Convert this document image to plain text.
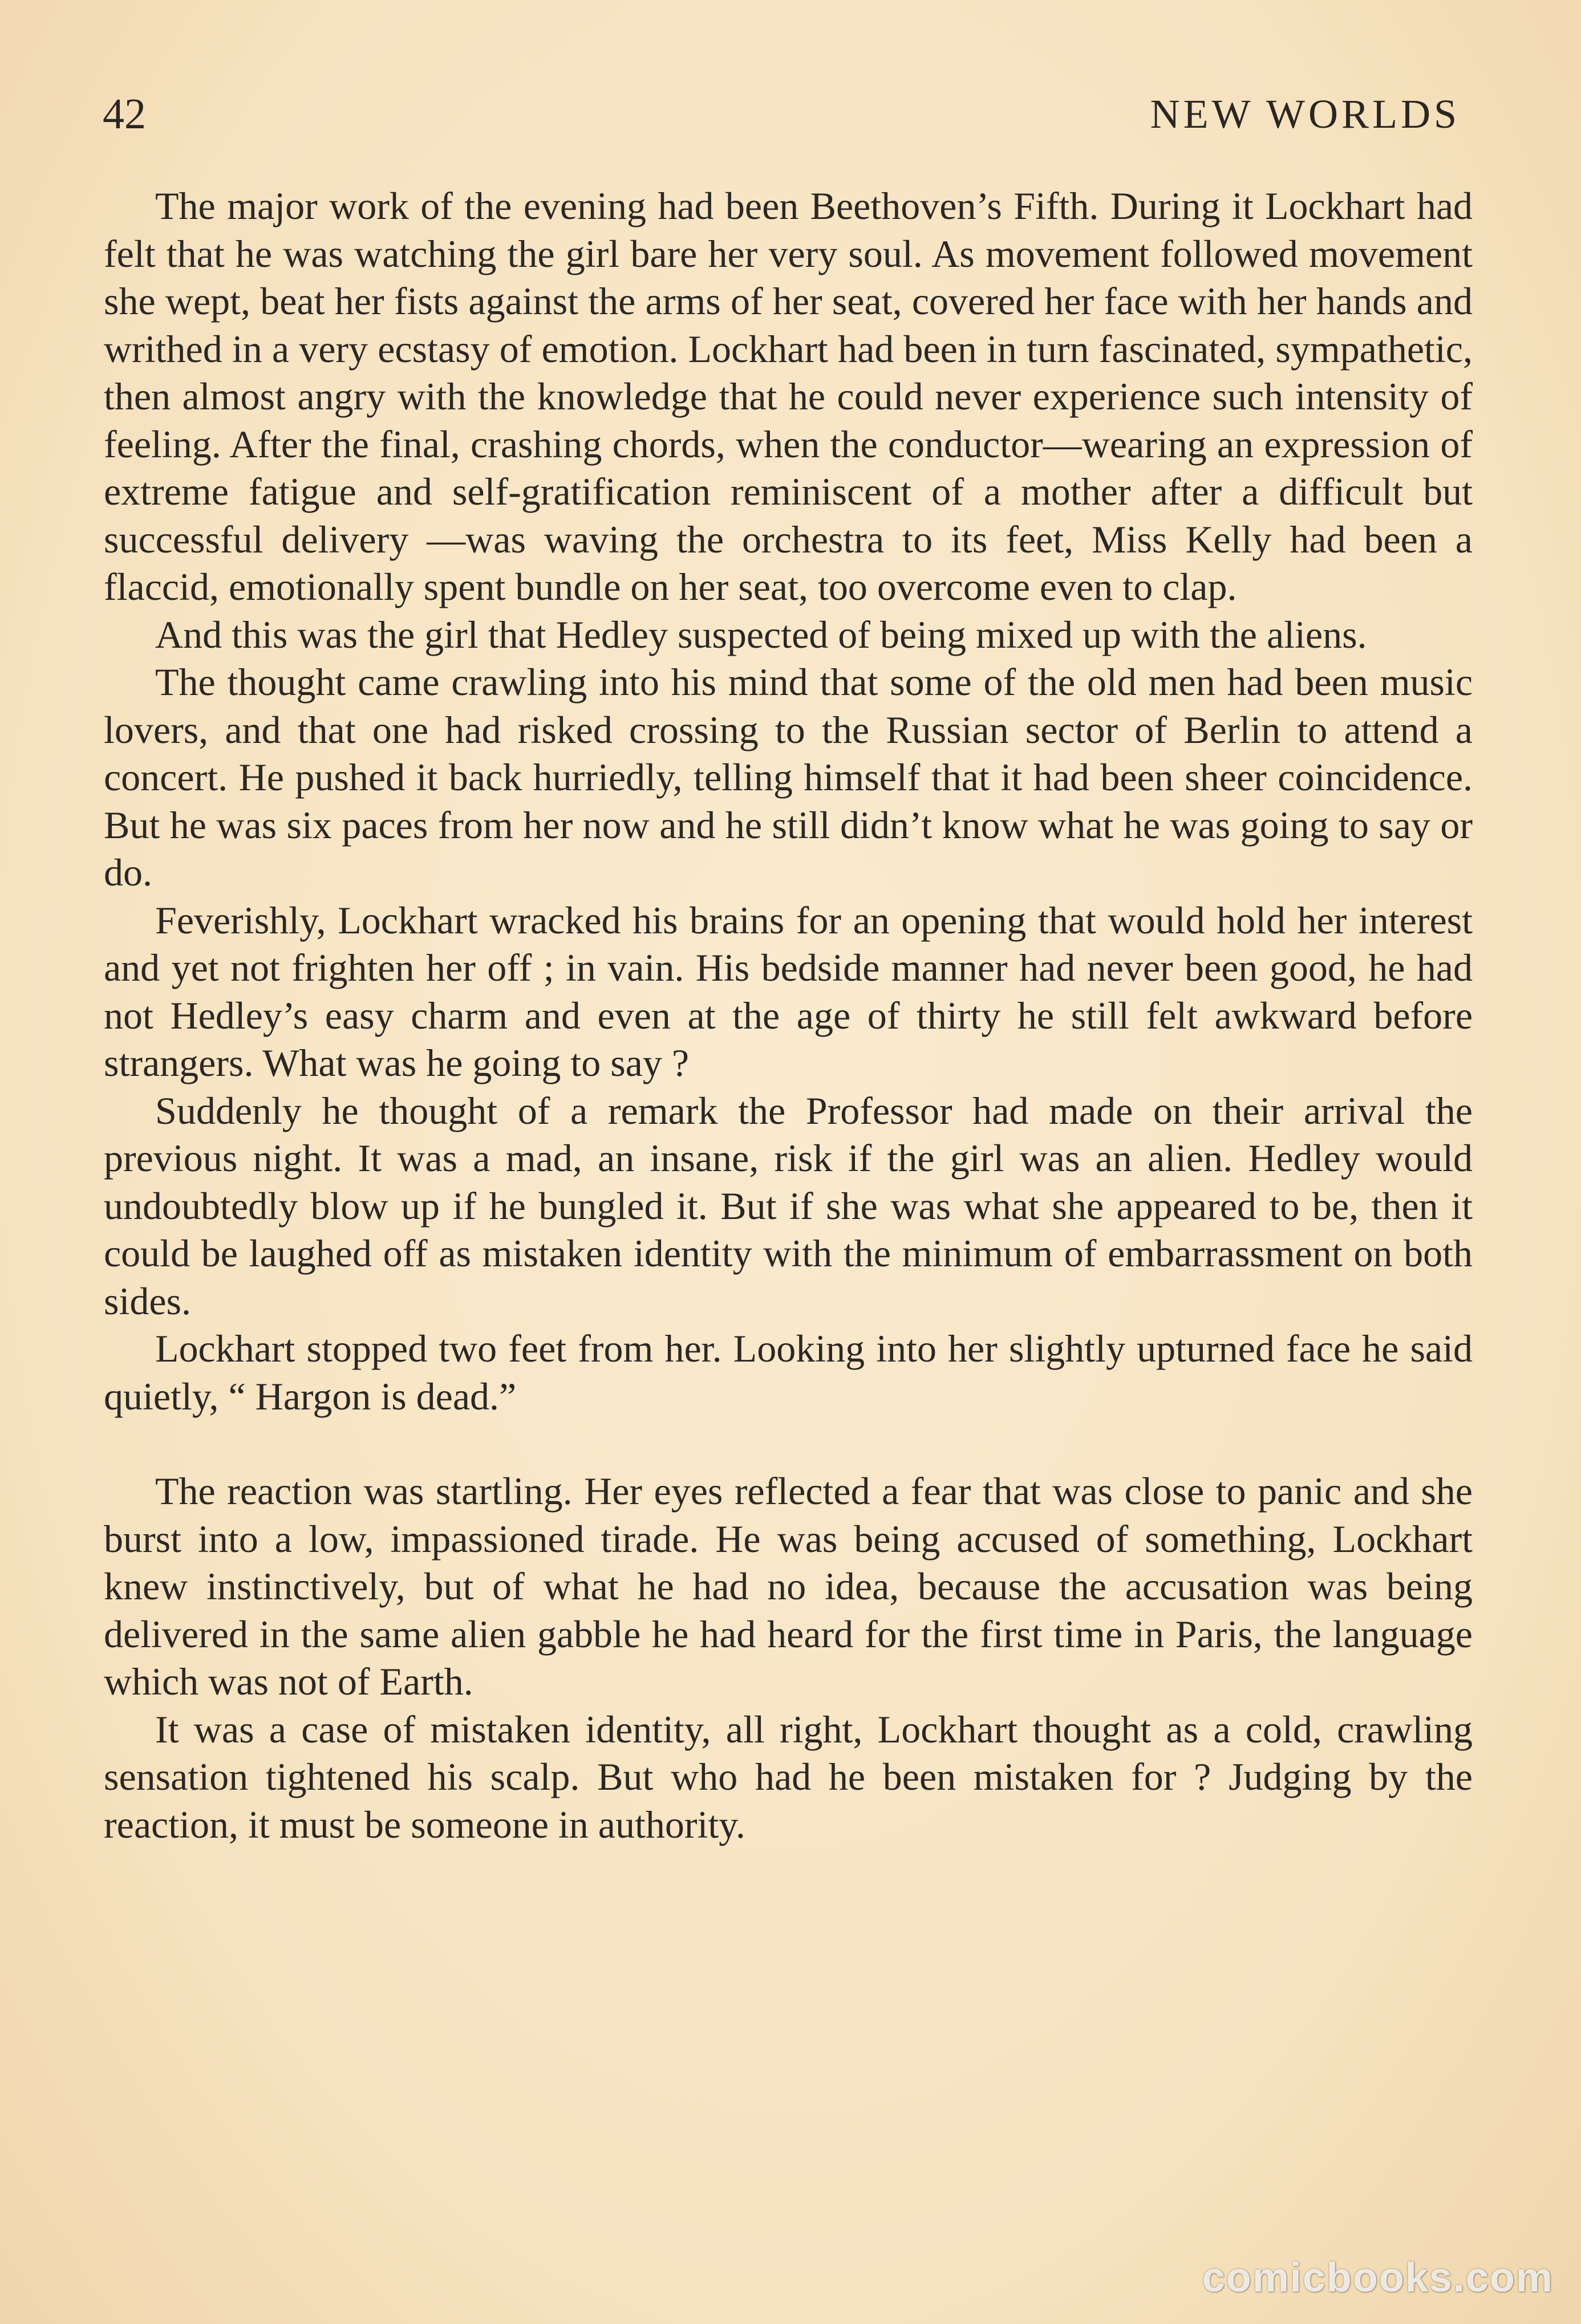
42	NEW WORLDS

The major work of the evening had been Beethoven’s Fifth. During it Lockhart had felt that he was watching the girl bare her very soul. As movement followed movement she wept, beat her fists against the arms of her seat, covered her face with her hands and writhed in a very ecstasy of emotion. Lockhart had been in turn fascinated, sympathetic, then almost angry with the knowledge that he could never experience such intensity of feeling. After the final, crashing chords, when the conductor—wearing an expression of extreme fatigue and self-gratification reminiscent of a mother after a difficult but successful delivery —was waving the orchestra to its feet, Miss Kelly had been a flaccid, emotionally spent bundle on her seat, too overcome even to clap.

And this was the girl that Hedley suspected of being mixed up with the aliens.

The thought came crawling into his mind that some of the old men had been music lovers, and that one had risked crossing to the Russian sector of Berlin to attend a concert. He pushed it back hurriedly, telling himself that it had been sheer coincidence. But he was six paces from her now and he still didn’t know what he was going to say or do.

Feverishly, Lockhart wracked his brains for an opening that would hold her interest and yet not frighten her off ; in vain. His bedside manner had never been good, he had not Hedley’s easy charm and even at the age of thirty he still felt awkward before strangers. What was he going to say ?

Suddenly he thought of a remark the Professor had made on their arrival the previous night. It was a mad, an insane, risk if the girl was an alien. Hedley would undoubtedly blow up if he bungled it. But if she was what she appeared to be, then it could be laughed off as mistaken identity with the minimum of embarrassment on both sides.

Lockhart stopped two feet from her. Looking into her slightly upturned face he said quietly, “ Hargon is dead.”

The reaction was startling. Her eyes reflected a fear that was close to panic and she burst into a low, impassioned tirade. He was being accused of something, Lockhart knew instinctively, but of what he had no idea, because the accusation was being delivered in the same alien gabble he had heard for the first time in Paris, the language which was not of Earth.

It was a case of mistaken identity, all right, Lockhart thought as a cold, crawling sensation tightened his scalp. But who had he been mistaken for ? Judging by the reaction, it must be someone in authority.

comicbooks.com
